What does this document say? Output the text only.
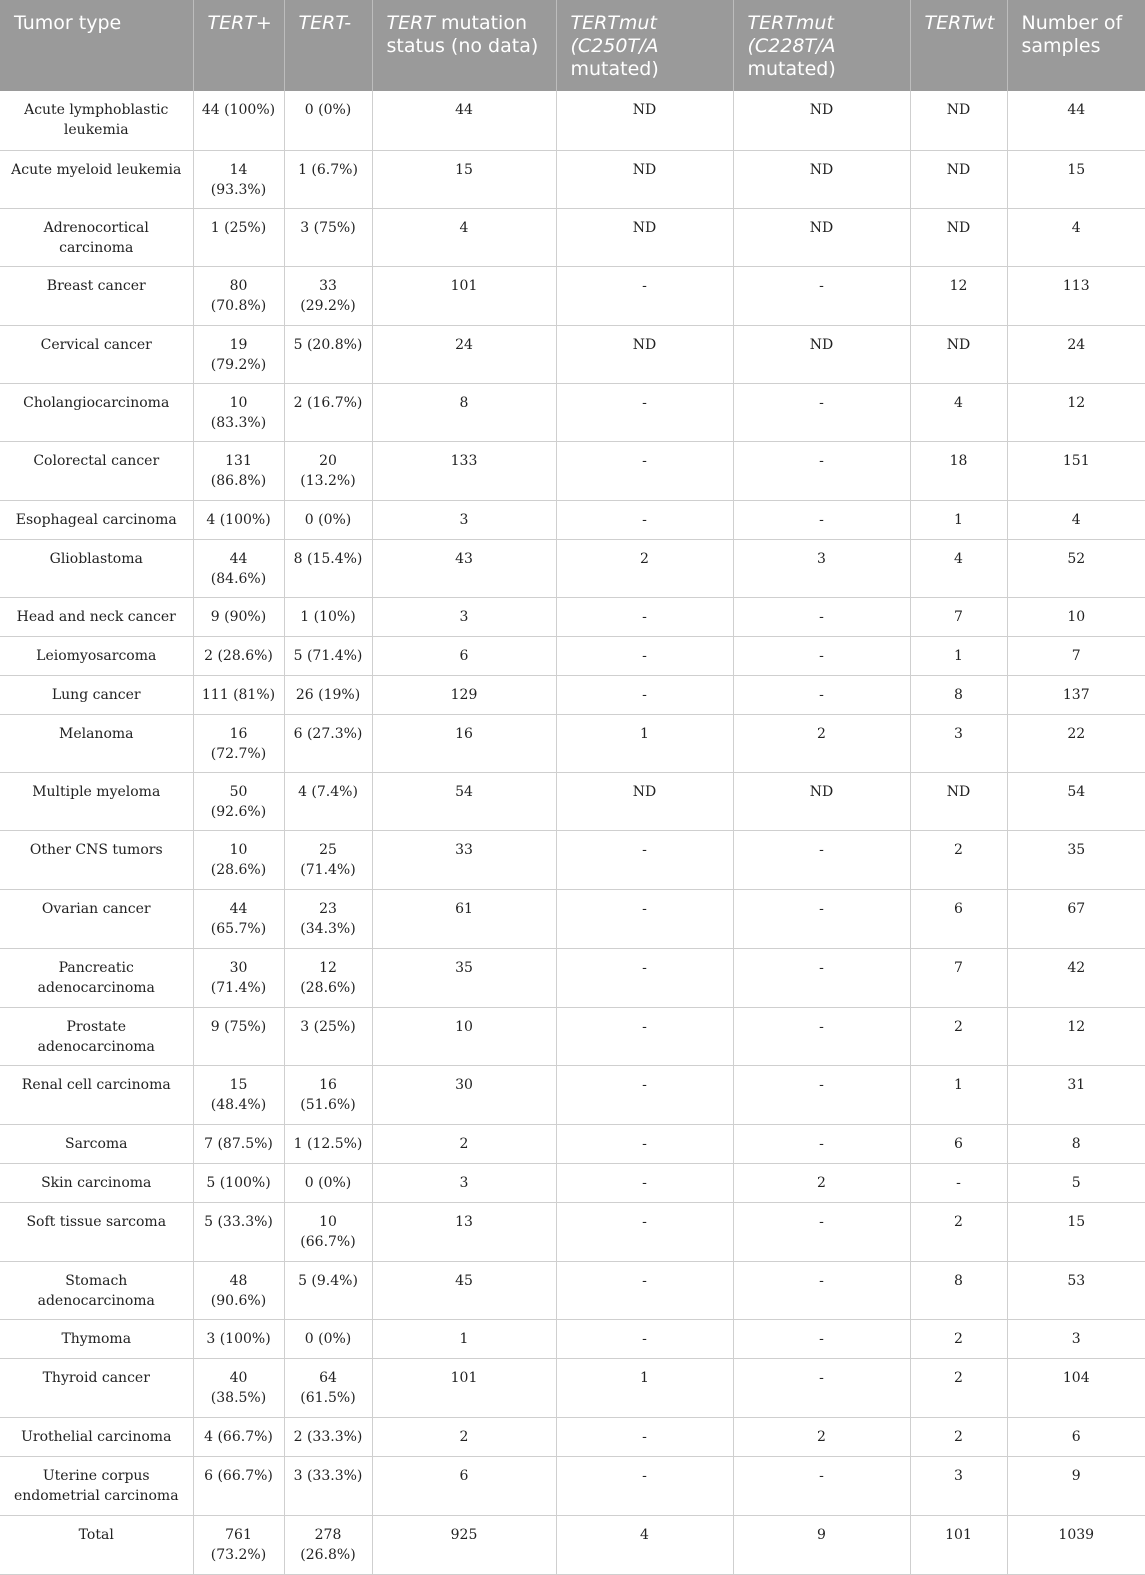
Tumor type	TERT+	TERT-	TERT mutation status (no data)	TERTmut (C250T/A mutated)	TERTmut (C228T/A mutated)	TERTwt	Number of samples
Acute lymphoblastic leukemia	44 (100%)	0 (0%)	44	ND	ND	ND	44
Acute myeloid leukemia	14 (93.3%)	1 (6.7%)	15	ND	ND	ND	15
Adrenocortical carcinoma	1 (25%)	3 (75%)	4	ND	ND	ND	4
Breast cancer	80 (70.8%)	33 (29.2%)	101	-	-	12	113
Cervical cancer	19 (79.2%)	5 (20.8%)	24	ND	ND	ND	24
Cholangiocarcinoma	10 (83.3%)	2 (16.7%)	8	-	-	4	12
Colorectal cancer	131 (86.8%)	20 (13.2%)	133	-	-	18	151
Esophageal carcinoma	4 (100%)	0 (0%)	3	-	-	1	4
Glioblastoma	44 (84.6%)	8 (15.4%)	43	2	3	4	52
Head and neck cancer	9 (90%)	1 (10%)	3	-	-	7	10
Leiomyosarcoma	2 (28.6%)	5 (71.4%)	6	-	-	1	7
Lung cancer	111 (81%)	26 (19%)	129	-	-	8	137
Melanoma	16 (72.7%)	6 (27.3%)	16	1	2	3	22
Multiple myeloma	50 (92.6%)	4 (7.4%)	54	ND	ND	ND	54
Other CNS tumors	10 (28.6%)	25 (71.4%)	33	-	-	2	35
Ovarian cancer	44 (65.7%)	23 (34.3%)	61	-	-	6	67
Pancreatic adenocarcinoma	30 (71.4%)	12 (28.6%)	35	-	-	7	42
Prostate adenocarcinoma	9 (75%)	3 (25%)	10	-	-	2	12
Renal cell carcinoma	15 (48.4%)	16 (51.6%)	30	-	-	1	31
Sarcoma	7 (87.5%)	1 (12.5%)	2	-	-	6	8
Skin carcinoma	5 (100%)	0 (0%)	3	-	2	-	5
Soft tissue sarcoma	5 (33.3%)	10 (66.7%)	13	-	-	2	15
Stomach adenocarcinoma	48 (90.6%)	5 (9.4%)	45	-	-	8	53
Thymoma	3 (100%)	0 (0%)	1	-	-	2	3
Thyroid cancer	40 (38.5%)	64 (61.5%)	101	1	-	2	104
Urothelial carcinoma	4 (66.7%)	2 (33.3%)	2	-	2	2	6
Uterine corpus endometrial carcinoma	6 (66.7%)	3 (33.3%)	6	-	-	3	9
Total	761 (73.2%)	278 (26.8%)	925	4	9	101	1039
